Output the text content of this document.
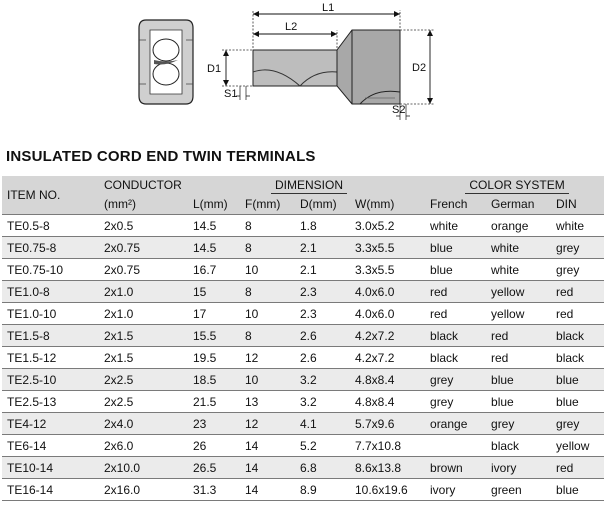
L1
L2
D1	D2
S1
S2
INSULATED CORD END TWIN TERMINALS
ITEM NO.	CONDUCTOR	DIMENSION				COLOR SYSTEM		
	(mm²)	L(mm)	F(mm)	D(mm)	W(mm)	French	German	DIN
TE0.5-8	2x0.5	14.5	8	1.8	3.0x5.2	white	orange	white
TE0.75-8	2x0.75	14.5	8	2.1	3.3x5.5	blue	white	grey
TE0.75-10	2x0.75	16.7	10	2.1	3.3x5.5	blue	white	grey
TE1.0-8	2x1.0	15	8	2.3	4.0x6.0	red	yellow	red
TE1.0-10	2x1.0	17	10	2.3	4.0x6.0	red	yellow	red
TE1.5-8	2x1.5	15.5	8	2.6	4.2x7.2	black	red	black
TE1.5-12	2x1.5	19.5	12	2.6	4.2x7.2	black	red	black
TE2.5-10	2x2.5	18.5	10	3.2	4.8x8.4	grey	blue	blue
TE2.5-13	2x2.5	21.5	13	3.2	4.8x8.4	grey	blue	blue
TE4-12	2x4.0	23	12	4.1	5.7x9.6	orange	grey	grey
TE6-14	2x6.0	26	14	5.2	7.7x10.8		black	yellow
TE10-14	2x10.0	26.5	14	6.8	8.6x13.8	brown	ivory	red
TE16-14	2x16.0	31.3	14	8.9	10.6x19.6	ivory	green	blue
